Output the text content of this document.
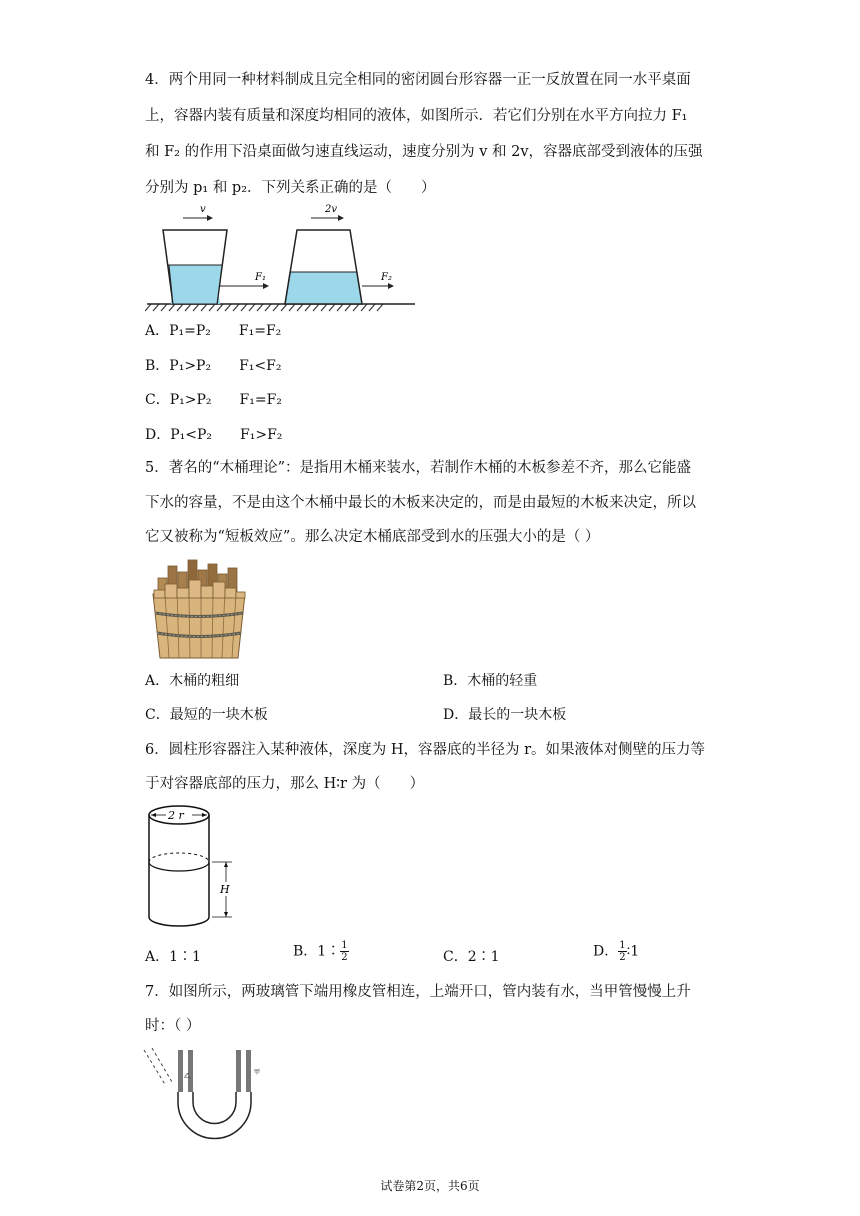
4．两个用同一种材料制成且完全相同的密闭圆台形容器一正一反放置在同一水平桌面
上，容器内装有质量和深度均相同的液体，如图所示．若它们分别在水平方向拉力 F₁
和 F₂ 的作用下沿桌面做匀速直线运动，速度分别为 v 和 2v，容器底部受到液体的压强
分别为 p₁ 和 p₂．下列关系正确的是（　　）
v
F₁
2v
F₂
A．P₁=P₂　　F₁=F₂
B．P₁>P₂　　F₁<F₂
C．P₁>P₂　　F₁=F₂
D．P₁<P₂　　F₁>F₂
5．著名的“木桶理论”：是指用木桶来装水，若制作木桶的木板参差不齐，那么它能盛
下水的容量，不是由这个木桶中最长的木板来决定的，而是由最短的木板来决定，所以
它又被称为“短板效应”。那么决定木桶底部受到水的压强大小的是（ ）
A．木桶的粗细	B．木桶的轻重
C．最短的一块木板	D．最长的一块木板
6．圆柱形容器注入某种液体，深度为 H，容器底的半径为 r。如果液体对侧壁的压力等
于对容器底部的压力，那么 H∶r 为（　　）
2 r
H
A．1∶1	B．1∶ $\frac{1}{2}$	C．2∶1	D． $\frac{1}{2}$ ∶1
7．如图所示，两玻璃管下端用橡皮管相连，上端开口，管内装有水，当甲管慢慢上升
时：（ ）
乙
甲
试卷第2页，共6页
